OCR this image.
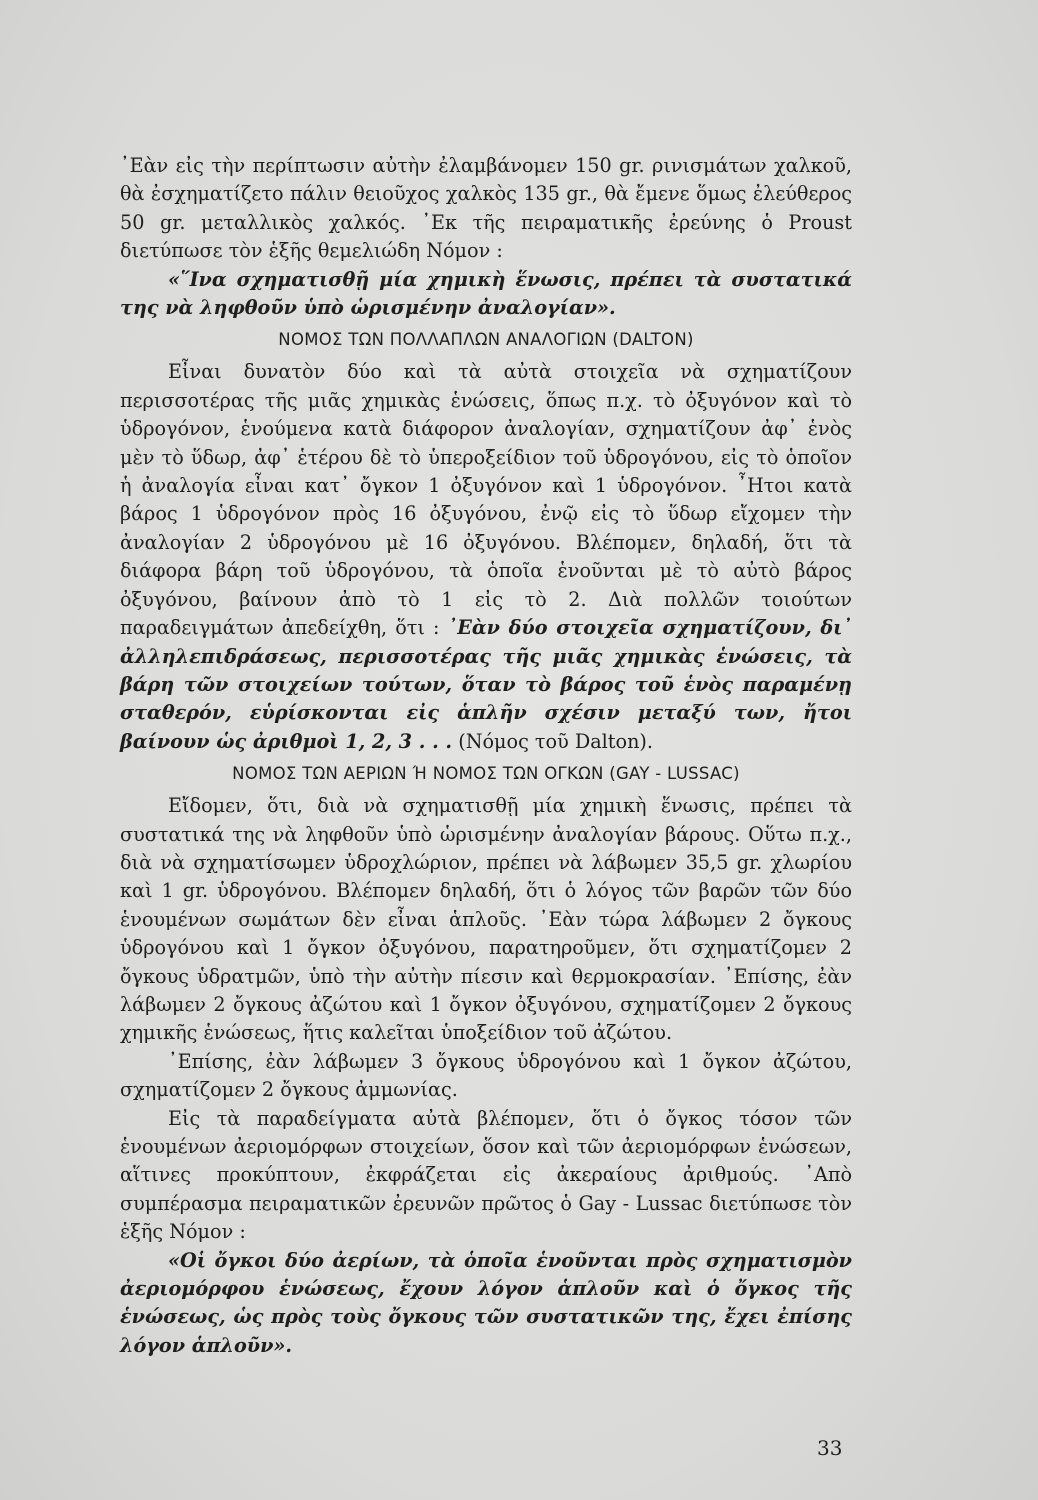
᾿Εὰν εἰς τὴν περίπτωσιν αὐτὴν ἐλαμβάνομεν 150 gr. ρινισμάτων χαλκοῦ, θὰ ἐσχηματίζετο πάλιν θειοῦχος χαλκὸς 135 gr., θὰ ἔμενε ὅμως ἐλεύθερος 50 gr. μεταλλικὸς χαλκός. ᾿Εκ τῆς πειραματικῆς ἐρεύνης ὁ Proust διετύπωσε τὸν ἑξῆς θεμελιώδη Νόμον :

«῞Ινα σχηματισθῇ μία χημικὴ ἕνωσις, πρέπει τὰ συστατικά της νὰ ληφθοῦν ὑπὸ ὡρισμένην ἀναλογίαν».

ΝΟΜΟΣ ΤΩΝ ΠΟΛΛΑΠΛΩΝ ΑΝΑΛΟΓΙΩΝ (DALTON)

Εἶναι δυνατὸν δύο καὶ τὰ αὐτὰ στοιχεῖα νὰ σχηματίζουν περισσοτέρας τῆς μιᾶς χημικὰς ἑνώσεις, ὅπως π.χ. τὸ ὀξυγόνον καὶ τὸ ὑδρογόνον, ἑνούμενα κατὰ διάφορον ἀναλογίαν, σχηματίζουν ἀφ᾿ ἑνὸς μὲν τὸ ὕδωρ, ἀφ᾿ ἑτέρου δὲ τὸ ὑπεροξείδιον τοῦ ὑδρογόνου, εἰς τὸ ὁποῖον ἡ ἀναλογία εἶναι κατ᾿ ὄγκον 1 ὀξυγόνον καὶ 1 ὑδρογόνον. ῏Ητοι κατὰ βάρος 1 ὑδρογόνον πρὸς 16 ὀξυγόνου, ἐνῷ εἰς τὸ ὕδωρ εἴχομεν τὴν ἀναλογίαν 2 ὑδρογόνου μὲ 16 ὀξυγόνου. Βλέπομεν, δηλαδή, ὅτι τὰ διάφορα βάρη τοῦ ὑδρογόνου, τὰ ὁποῖα ἑνοῦνται μὲ τὸ αὐτὸ βάρος ὀξυγόνου, βαίνουν ἀπὸ τὸ 1 εἰς τὸ 2. Διὰ πολλῶν τοιούτων παραδειγμάτων ἀπεδείχθη, ὅτι : ᾿Εὰν δύο στοιχεῖα σχηματίζουν, δι᾿ ἀλληλεπιδράσεως, περισσοτέρας τῆς μιᾶς χημικὰς ἑνώσεις, τὰ βάρη τῶν στοιχείων τούτων, ὅταν τὸ βάρος τοῦ ἑνὸς παραμένῃ σταθερόν, εὑρίσκονται εἰς ἁπλῆν σχέσιν μεταξύ των, ἤτοι βαίνουν ὡς ἀριθμοὶ 1, 2, 3 . . . (Νόμος τοῦ Dalton).

ΝΟΜΟΣ ΤΩΝ ΑΕΡΙΩΝ Ή ΝΟΜΟΣ ΤΩΝ ΟΓΚΩΝ (GAY - LUSSAC)

Εἴδομεν, ὅτι, διὰ νὰ σχηματισθῇ μία χημικὴ ἕνωσις, πρέπει τὰ συστατικά της νὰ ληφθοῦν ὑπὸ ὡρισμένην ἀναλογίαν βάρους. Οὕτω π.χ., διὰ νὰ σχηματίσωμεν ὑδροχλώριον, πρέπει νὰ λάβωμεν 35,5 gr. χλωρίου καὶ 1 gr. ὑδρογόνου. Βλέπομεν δηλαδή, ὅτι ὁ λόγος τῶν βαρῶν τῶν δύο ἑνουμένων σωμάτων δὲν εἶναι ἁπλοῦς. ᾿Εὰν τώρα λάβωμεν 2 ὄγκους ὑδρογόνου καὶ 1 ὄγκον ὀξυγόνου, παρατηροῦμεν, ὅτι σχηματίζομεν 2 ὄγκους ὑδρατμῶν, ὑπὸ τὴν αὐτὴν πίεσιν καὶ θερμοκρασίαν. ᾿Επίσης, ἐὰν λάβωμεν 2 ὄγκους ἀζώτου καὶ 1 ὄγκον ὀξυγόνου, σχηματίζομεν 2 ὄγκους χημικῆς ἑνώσεως, ἥτις καλεῖται ὑποξείδιον τοῦ ἀζώτου.

᾿Επίσης, ἐὰν λάβωμεν 3 ὄγκους ὑδρογόνου καὶ 1 ὄγκον ἀζώτου, σχηματίζομεν 2 ὄγκους ἀμμωνίας.

Εἰς τὰ παραδείγματα αὐτὰ βλέπομεν, ὅτι ὁ ὄγκος τόσον τῶν ἑνουμένων ἀεριομόρφων στοιχείων, ὅσον καὶ τῶν ἀεριομόρφων ἑνώσεων, αἵτινες προκύπτουν, ἐκφράζεται εἰς ἀκεραίους ἀριθμούς. ᾿Απὸ συμπέρασμα πειραματικῶν ἐρευνῶν πρῶτος ὁ Gay - Lussac διετύπωσε τὸν ἑξῆς Νόμον :

«Οἱ ὄγκοι δύο ἀερίων, τὰ ὁποῖα ἑνοῦνται πρὸς σχηματισμὸν ἀεριομόρφου ἑνώσεως, ἔχουν λόγον ἁπλοῦν καὶ ὁ ὄγκος τῆς ἑνώσεως, ὡς πρὸς τοὺς ὄγκους τῶν συστατικῶν της, ἔχει ἐπίσης λόγον ἁπλοῦν».

33
